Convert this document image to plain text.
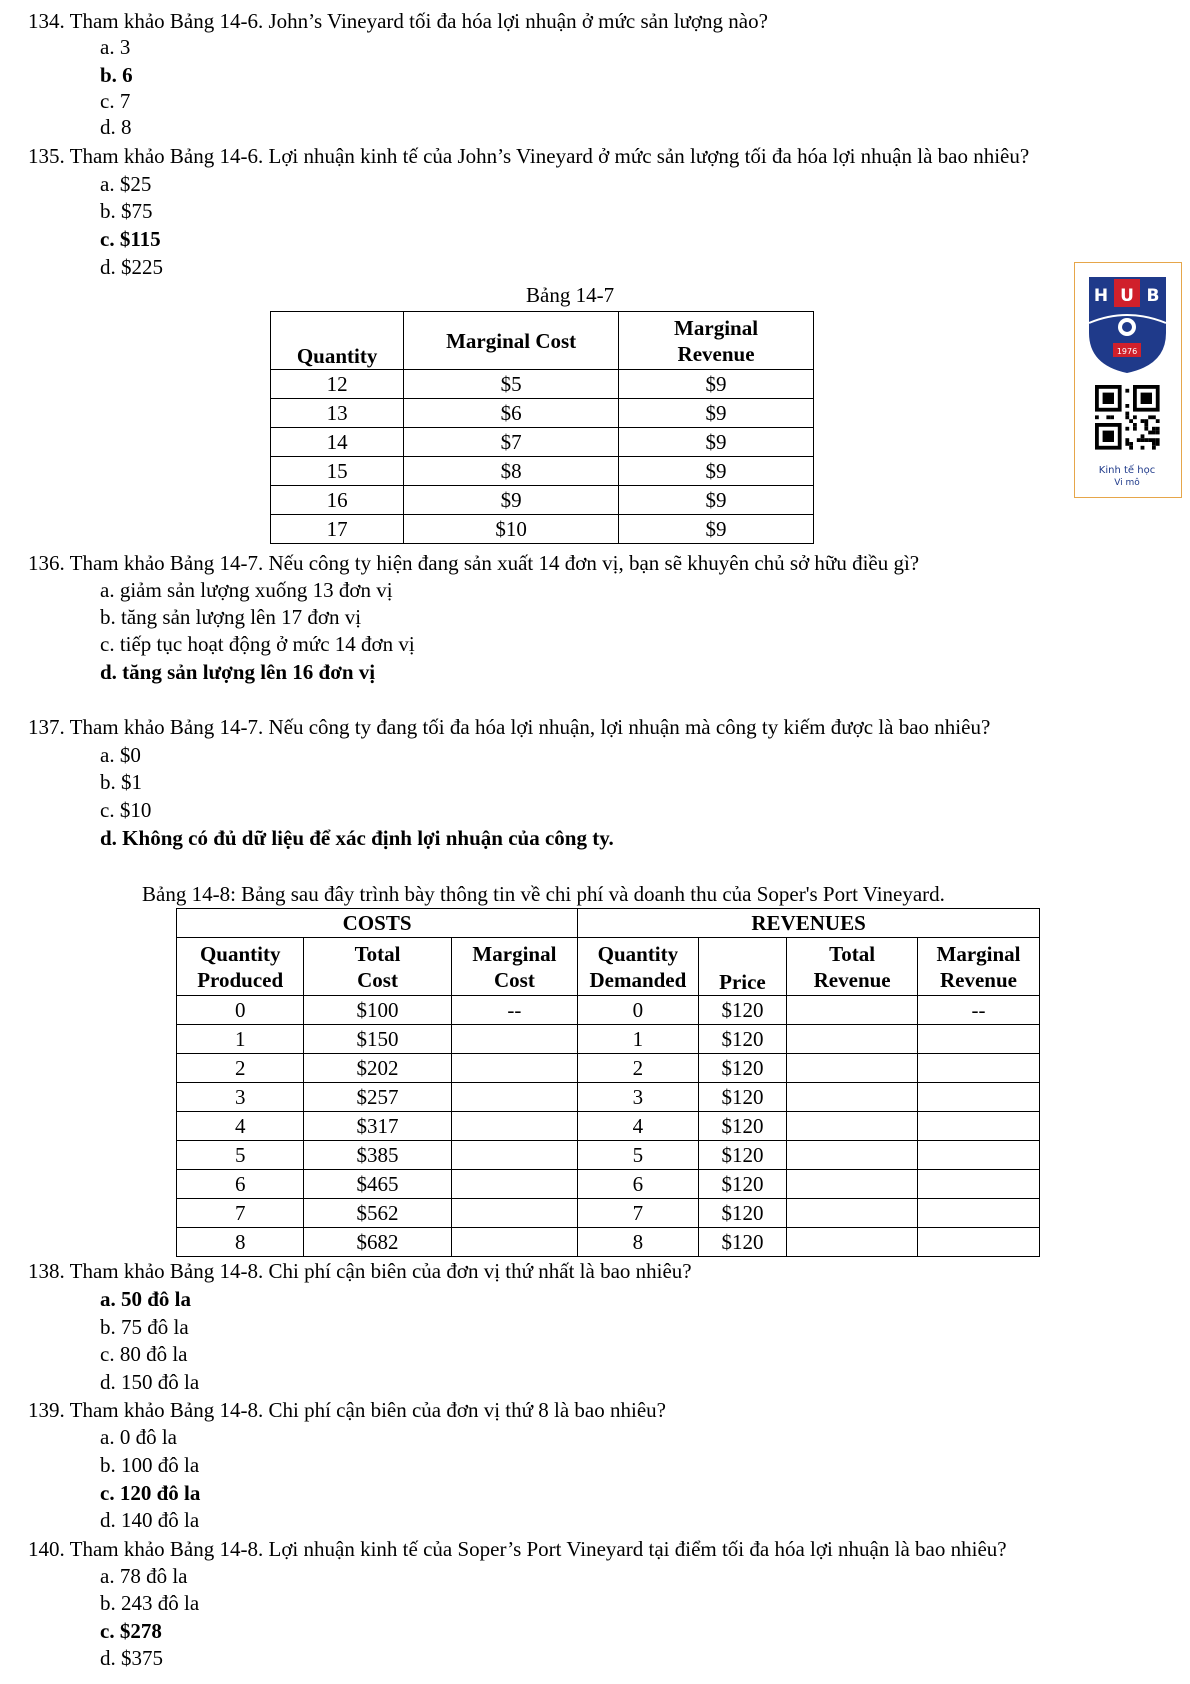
134. Tham khảo Bảng 14-6. John’s Vineyard tối đa hóa lợi nhuận ở mức sản lượng nào?
a. 3
b. 6
c. 7
d. 8
135. Tham khảo Bảng 14-6. Lợi nhuận kinh tế của John’s Vineyard ở mức sản lượng tối đa hóa lợi nhuận là bao nhiêu?
a. $25
b. $75
c. $115
d. $225
Bảng 14-7
Quantity	Marginal Cost	Marginal Revenue
12	$5	$9
13	$6	$9
14	$7	$9
15	$8	$9
16	$9	$9
17	$10	$9
H U B
1976
Kinh tế học
Vi mô
136. Tham khảo Bảng 14-7. Nếu công ty hiện đang sản xuất 14 đơn vị, bạn sẽ khuyên chủ sở hữu điều gì?
a. giảm sản lượng xuống 13 đơn vị
b. tăng sản lượng lên 17 đơn vị
c. tiếp tục hoạt động ở mức 14 đơn vị
d. tăng sản lượng lên 16 đơn vị
137. Tham khảo Bảng 14-7. Nếu công ty đang tối đa hóa lợi nhuận, lợi nhuận mà công ty kiếm được là bao nhiêu?
a. $0
b. $1
c. $10
d. Không có đủ dữ liệu để xác định lợi nhuận của công ty.
Bảng 14-8: Bảng sau đây trình bày thông tin về chi phí và doanh thu của Soper's Port Vineyard.
COSTS			REVENUES			
Quantity Produced	Total Cost	Marginal Cost	Quantity Demanded	Price	Total Revenue	Marginal Revenue
0	$100	--	0	$120		--
1	$150		1	$120		
2	$202		2	$120		
3	$257		3	$120		
4	$317		4	$120		
5	$385		5	$120		
6	$465		6	$120		
7	$562		7	$120		
8	$682		8	$120		
138. Tham khảo Bảng 14-8. Chi phí cận biên của đơn vị thứ nhất là bao nhiêu?
a. 50 đô la
b. 75 đô la
c. 80 đô la
d. 150 đô la
139. Tham khảo Bảng 14-8. Chi phí cận biên của đơn vị thứ 8 là bao nhiêu?
a. 0 đô la
b. 100 đô la
c. 120 đô la
d. 140 đô la
140. Tham khảo Bảng 14-8. Lợi nhuận kinh tế của Soper’s Port Vineyard tại điểm tối đa hóa lợi nhuận là bao nhiêu?
a. 78 đô la
b. 243 đô la
c. $278
d. $375
